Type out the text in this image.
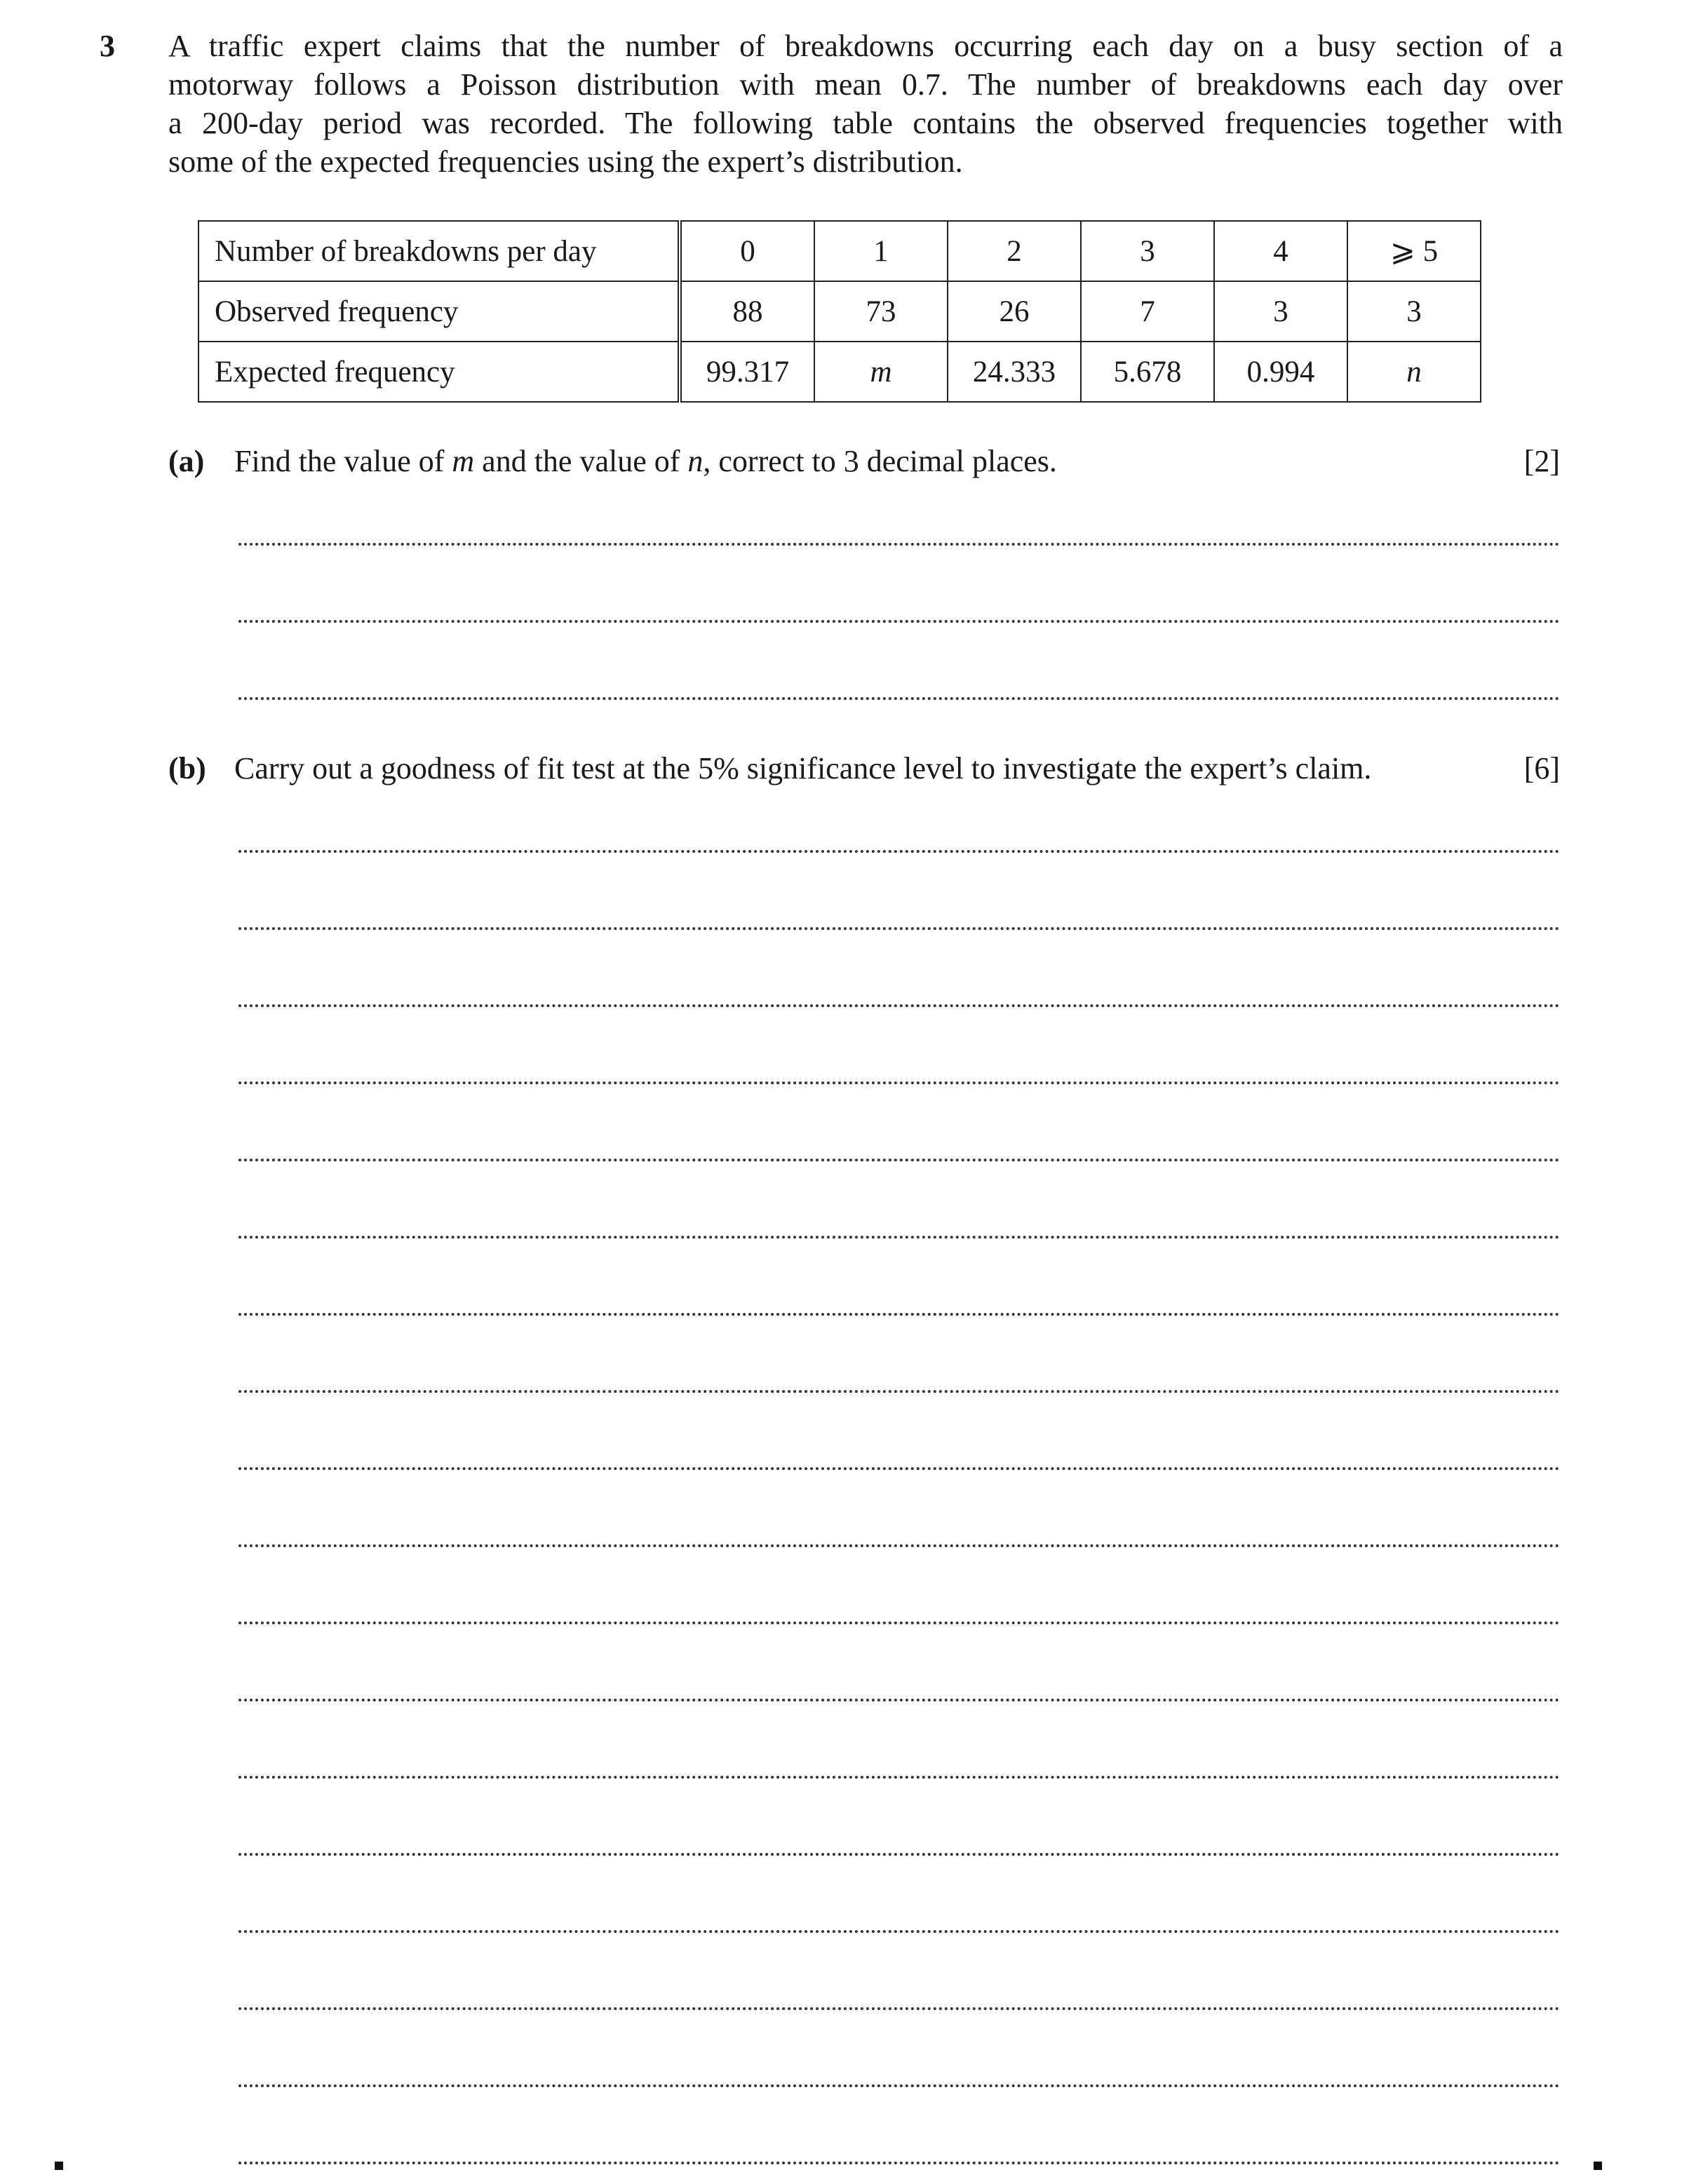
3 A traffic expert claims that the number of breakdowns occurring each day on a busy section of a
motorway follows a Poisson distribution with mean 0.7. The number of breakdowns each day over
a 200-day period was recorded. The following table contains the observed frequencies together with
some of the expected frequencies using the expert’s distribution.
Number of breakdowns per day	0	1	2	3	4	⩾ 5
Observed frequency	88	73	26	7	3	3
Expected frequency	99.317	m	24.333	5.678	0.994	n
(a) Find the value of m and the value of n, correct to 3 decimal places.	[2]
(b) Carry out a goodness of fit test at the 5% significance level to investigate the expert’s claim.	[6]
